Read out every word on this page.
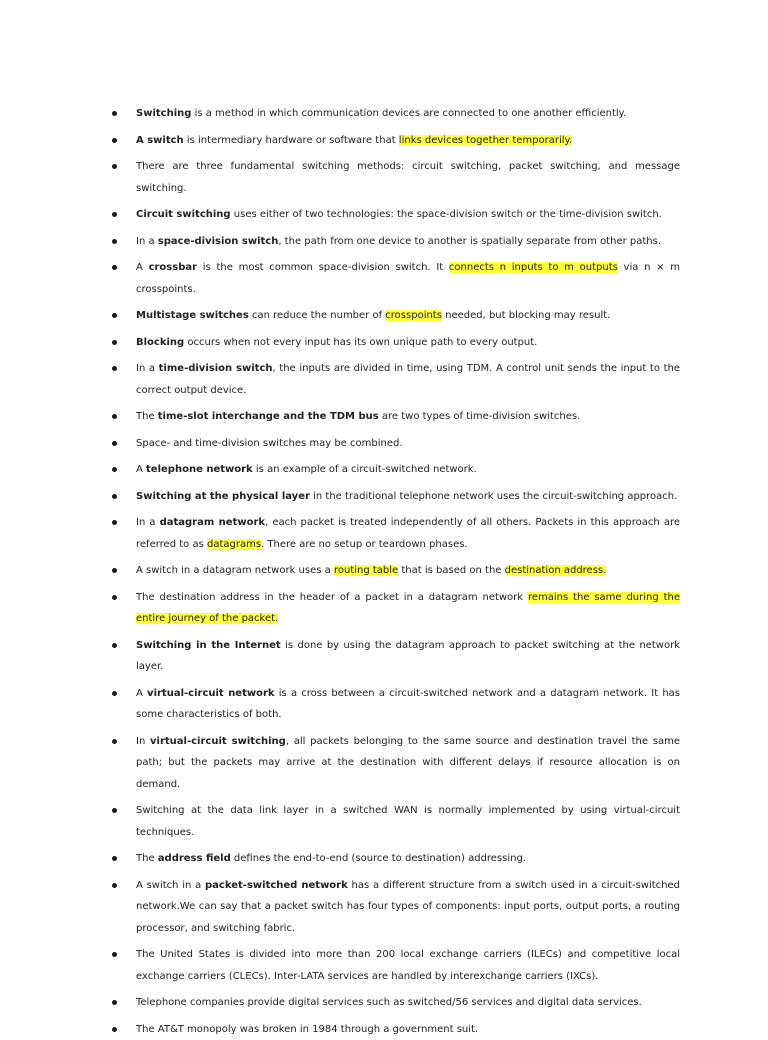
Switching is a method in which communication devices are connected to one another efficiently.
A switch is intermediary hardware or software that links devices together temporarily.
There are three fundamental switching methods: circuit switching, packet switching, and message switching.
Circuit switching uses either of two technologies: the space-division switch or the time-division switch.
In a space-division switch, the path from one device to another is spatially separate from other paths.
A crossbar is the most common space-division switch. It connects n inputs to m outputs via n × m crosspoints.
Multistage switches can reduce the number of crosspoints needed, but blocking may result.
Blocking occurs when not every input has its own unique path to every output.
In a time-division switch, the inputs are divided in time, using TDM. A control unit sends the input to the correct output device.
The time-slot interchange and the TDM bus are two types of time-division switches.
Space- and time-division switches may be combined.
A telephone network is an example of a circuit-switched network.
Switching at the physical layer in the traditional telephone network uses the circuit-switching approach.
In a datagram network, each packet is treated independently of all others. Packets in this approach are referred to as datagrams. There are no setup or teardown phases.
A switch in a datagram network uses a routing table that is based on the destination address.
The destination address in the header of a packet in a datagram network remains the same during the entire journey of the packet.
Switching in the Internet is done by using the datagram approach to packet switching at the network layer.
A virtual-circuit network is a cross between a circuit-switched network and a datagram network. It has some characteristics of both.
In virtual-circuit switching, all packets belonging to the same source and destination travel the same path; but the packets may arrive at the destination with different delays if resource allocation is on demand.
Switching at the data link layer in a switched WAN is normally implemented by using virtual-circuit techniques.
The address field defines the end-to-end (source to destination) addressing.
A switch in a packet-switched network has a different structure from a switch used in a circuit-switched network.We can say that a packet switch has four types of components: input ports, output ports, a routing processor, and switching fabric.
The United States is divided into more than 200 local exchange carriers (ILECs) and competitive local exchange carriers (CLECs). Inter-LATA services are handled by interexchange carriers (IXCs).
Telephone companies provide digital services such as switched/56 services and digital data services.
The AT&T monopoly was broken in 1984 through a government suit.
